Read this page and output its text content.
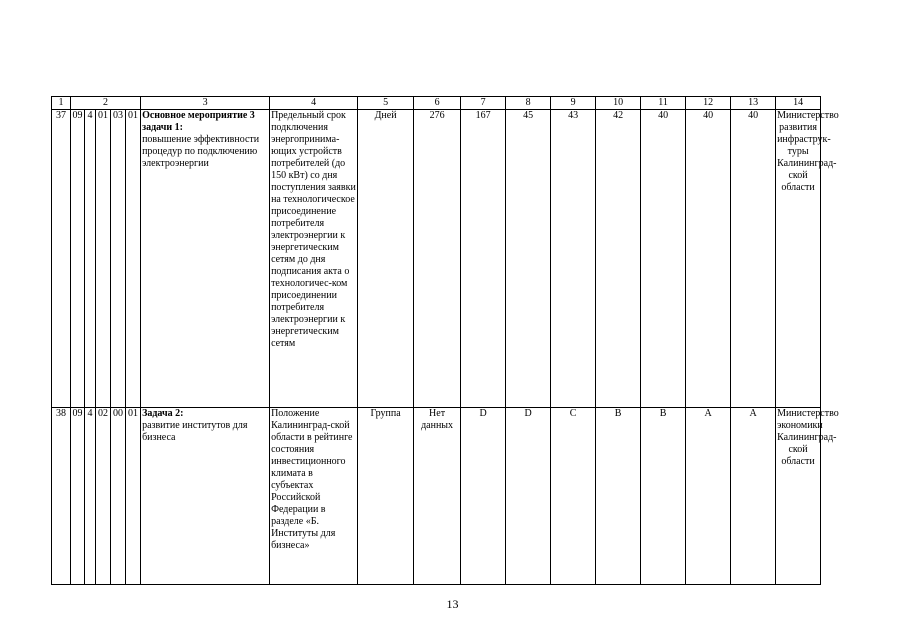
1	2					3	4	5	6	7	8	9	10	11	12	13	14
37	09	4	01	03	01	Основное мероприятие 3 задачи 1:
повышение эффективности процедур по подключению электроэнергии	Предельный срок подключения энергопринима-ющих устройств потребителей (до 150 кВт) со дня поступления заявки на технологическое присоединение потребителя электроэнергии к энергетическим сетям до дня подписания акта о технологичес-ком присоединении потребителя электроэнергии к энергетическим сетям	Дней	276	167	45	43	42	40	40	40	Министерство развития инфраструк-туры Калининград-ской области
38	09	4	02	00	01	Задача 2:
развитие институтов для бизнеса	Положение Калининград-ской области в рейтинге состояния инвестиционного климата в субъектах Российской Федерации в разделе «Б. Институты для бизнеса»	Группа	Нет данных	D	D	C	B	B	A	A	Министерство экономики Калининград-ской области
13
